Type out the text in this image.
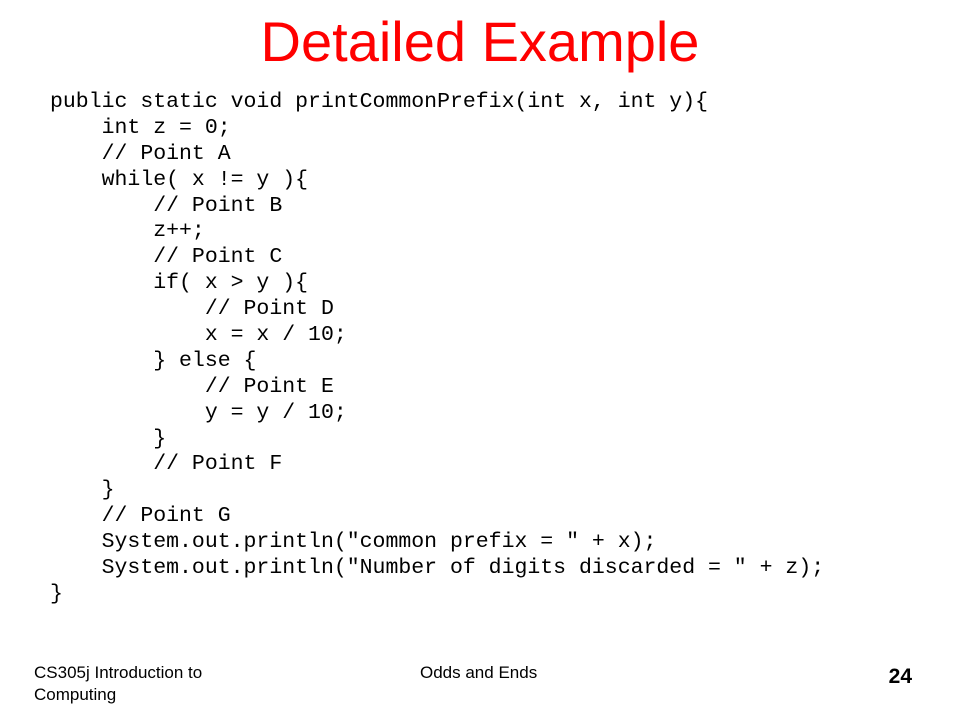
Detailed Example
public static void printCommonPrefix(int x, int y){
int z = 0;
// Point A
while( x != y ){
// Point B
z++;
// Point C
if( x > y ){
// Point D
x = x / 10;
} else {
// Point E
y = y / 10;
}
// Point F
}
// Point G
System.out.println("common prefix = " + x);
System.out.println("Number of digits discarded = " + z);
}
CS305j Introduction to Computing
Odds and Ends	24
